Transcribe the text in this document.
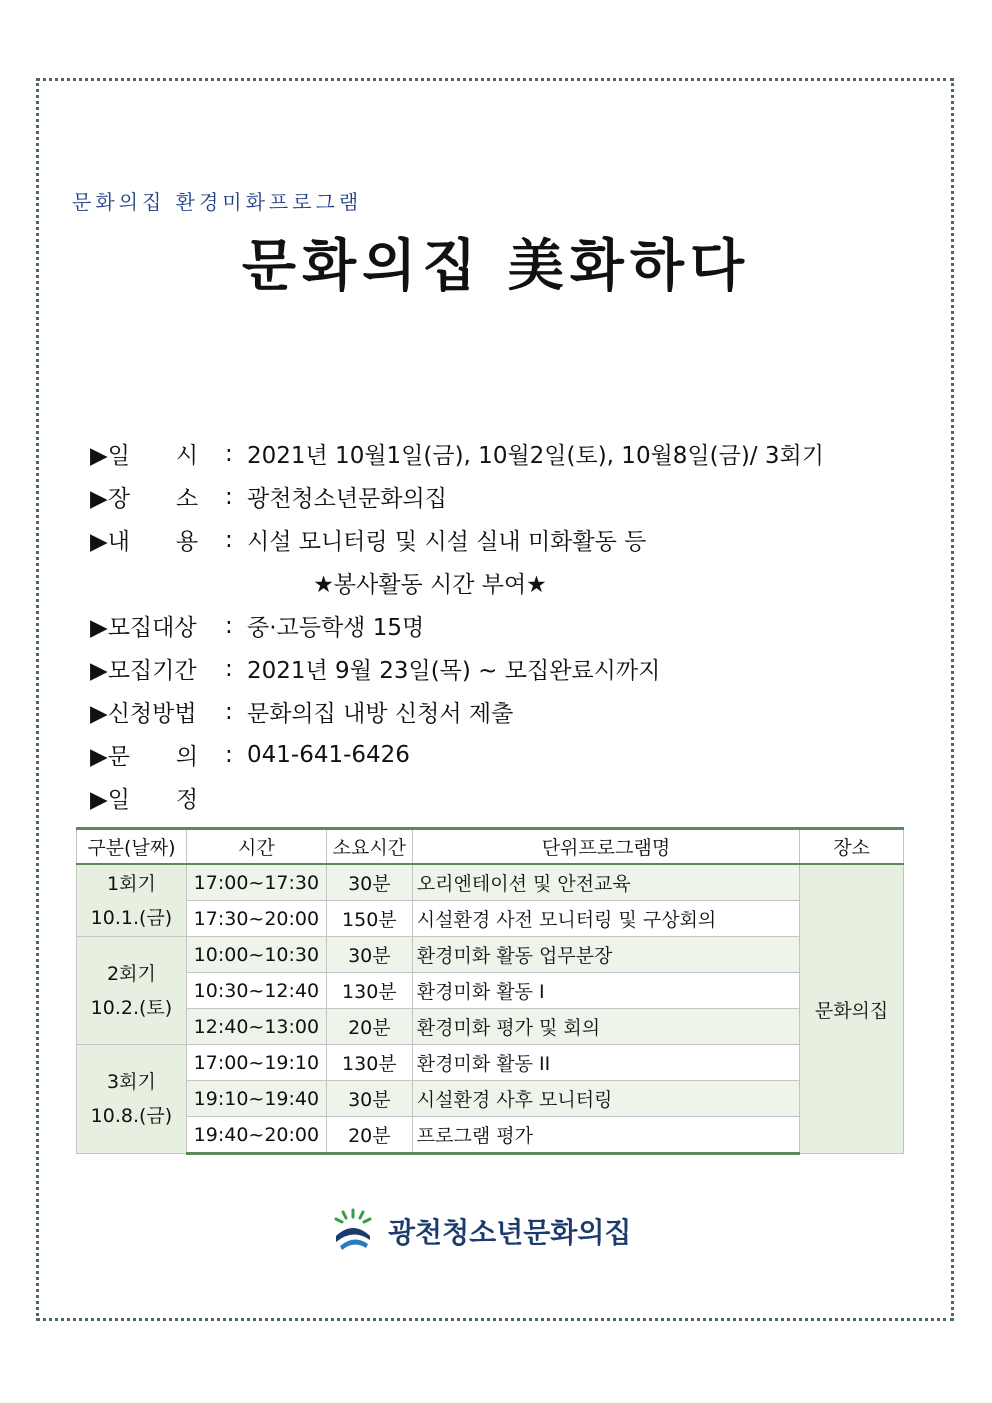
문화의집 환경미화프로그램
문화의집 美화하다
▶일　　시	: 2021년 10월1일(금), 10월2일(토), 10월8일(금)/ 3회기
▶장　　소	: 광천청소년문화의집
▶내　　용	: 시설 모니터링 및 시설 실내 미화활동 등
★봉사활동 시간 부여★
▶모집대상	: 중·고등학생 15명
▶모집기간	: 2021년 9월 23일(목) ~ 모집완료시까지
▶신청방법	: 문화의집 내방 신청서 제출
▶문　　의	: 041-641-6426
▶일　　정
구분(날짜)	시간	소요시간	단위프로그램명	장소

1회기
10.1.(금)	17:00~17:30	30분	오리엔테이션 및 안전교육	문화의집
	17:30~20:00	150분	시설환경 사전 모니터링 및 구상회의	

2회기
10.2.(토)	10:00~10:30	30분	환경미화 활동 업무분장	
	10:30~12:40	130분	환경미화 활동 I	
	12:40~13:00	20분	환경미화 평가 및 회의	

3회기
10.8.(금)	17:00~19:10	130분	환경미화 활동 II	
	19:10~19:40	30분	시설환경 사후 모니터링	
	19:40~20:00	20분	프로그램 평가	
광천청소년문화의집
